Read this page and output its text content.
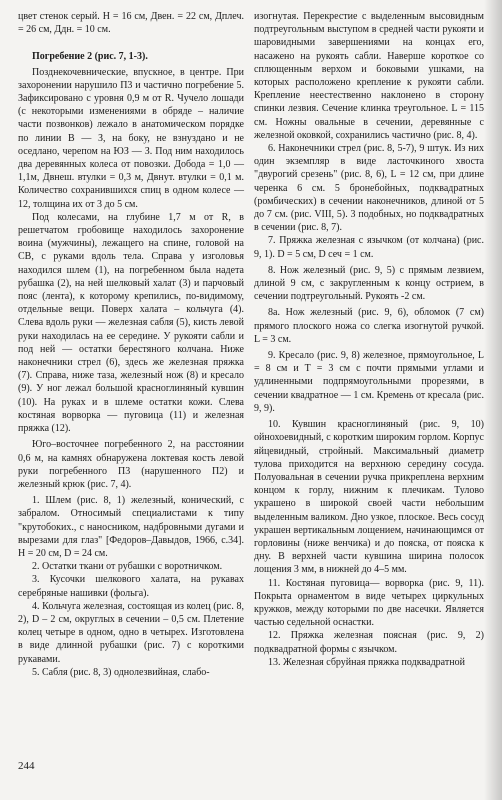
цвет стенок серый. Н = 16 см, Двен. = 22 см, Дплеч. = 26 см, Ддн. = 10 см.

Погребение 2 (рис. 7, 1-3).

Позднекочевнические, впускное, в центре. При захоронении нарушило П3 и частично погребение 5. Зафиксировано с уровня 0,9 м от R. Чучело лошади (с некоторыми изменениями в обряде – наличие части позвонков) лежало в анатомическом порядке по линии В — З, на боку, не взнуздано и не оседлано, черепом на ЮЗ — З. Под ним находилось два деревянных колеса от повозки. Добода = 1,0 — 1,1м, Двнеш. втулки = 0,3 м, Двнут. втулки = 0,1 м. Количество сохранившихся спиц в одном колесе — 12, толщина их от 3 до 5 см.

Под колесами, на глубине 1,7 м от R, в решетчатом гробовище находилось захоронение воина (мужчины), лежащего на спине, головой на СВ, с руками вдоль тела. Справа у изголовья находился шлем (1), на погребенном была надета рубашка (2), на ней шелковый халат (3) и парчовый пояс (лента), к которому крепились, по-видимому, отдельные вещи. Поверх халата – кольчуга (4). Слева вдоль руки — железная сабля (5), кисть левой руки находилась на ее середине. У рукояти сабли и под ней — остатки берестяного колчана. Ниже наконечники стрел (6), здесь же железная пряжка (7). Справа, ниже таза, железный нож (8) и кресало (9). У ног лежал большой красноглиняный кувшин (10). На руках и в шлеме остатки кожи. Слева костяная ворворка — пуговица (11) и железная пряжка (12).

Юго–восточнее погребенного 2, на расстоянии 0,6 м, на камнях обнаружена локтевая кость левой руки погребенного П3 (нарушенного П2) и железный крюк (рис. 7, 4).

1. Шлем (рис. 8, 1) железный, конический, с забралом. Относимый специалистами к типу "крутобоких., с наносником, надбровными дугами и вырезами для глаз" [Федоров–Давыдов, 1966, с.34]. Н = 20 см, D = 24 см.

2. Остатки ткани от рубашки с воротничком.

3. Кусочки шелкового халата, на рукавах серебряные нашивки (фольга).

4. Кольчуга железная, состоящая из колец (рис. 8, 2), D – 2 см, округлых в сечении – 0,5 см. Плетение колец четыре в одном, одно в четырех. Изготовлена в виде длинной рубашки (рис. 7) с короткими рукавами.

5. Сабля (рис. 8, 3) однолезвийная, слабо-

изогнутая. Перекрестие с выделенным высовидным подтреугольным выступом в средней части рукояти и шаровидными завершениями на концах его, насажено на рукоять сабли. Наверше короткое со сплющенным верхом и боковыми ушками, на которых расположено крепление к рукояти сабли. Крепление неестественно наклонено в сторону спинки лезвия. Сечение клинка треугольное. L = 115 см. Ножны овальные в сечении, деревянные с железной оковкой, сохранились частично (рис. 8, 4).

6. Наконечники стрел (рис. 8, 5-7), 9 штук. Из них один экземпляр в виде ласточкиного хвоста "двурогий срезень" (рис. 8, 6), L = 12 см, при длине черенка 6 см. 5 бронебойных, подквадратных (ромбических) в сечении наконечников, длиной от 5 до 7 см. (рис. VIII, 5). 3 подобных, но подквадратных в сечении (рис. 8, 7).

7. Пряжка железная с язычком (от колчана) (рис. 9, 1). D = 5 см, D сеч = 1 см.

8. Нож железный (рис. 9, 5) с прямым лезвием, длиной 9 см, с закругленным к концу острием, в сечении подтреугольный. Рукоять -2 см.

8а. Нож железный (рис. 9, 6), обломок (7 см) прямого плоского ножа со слегка изогнутой ручкой. L = 3 см.

9. Кресало (рис. 9, 8) железное, прямоугольное, L = 8 см и Т = 3 см с почти прямыми углами и удлиненными подпрямоугольными прорезями, в сечении квадратное — 1 см. Кремень от кресала (рис. 9, 9).

10. Кувшин красноглиняный (рис. 9, 10) ойнохоевидный, с коротким широким горлом. Корпус яйцевидный, стройный. Максимальный диаметр тулова приходится на верхнюю середину сосуда. Полуовальная в сечении ручка прикреплена верхним концом к горлу, нижним к плечикам. Тулово украшено в широкой своей части небольшим выделенным валиком. Дно узкое, плоское. Весь сосуд украшен вертикальным лощением, начинающимся от горловины (ниже венчика) и до пояска, от пояска к дну. В верхней части кувшина ширина полосок лощения 3 мм, в нижней до 4–5 мм.

11. Костяная пуговица— ворворка (рис. 9, 11). Покрыта орнаментом в виде четырех циркульных кружков, между которыми по две насечки. Является частью седельной оснастки.

12. Пряжка железная поясная (рис. 9, 2) подквадратной формы с язычком.

13. Железная сбруйная пряжка подквадратной

244
